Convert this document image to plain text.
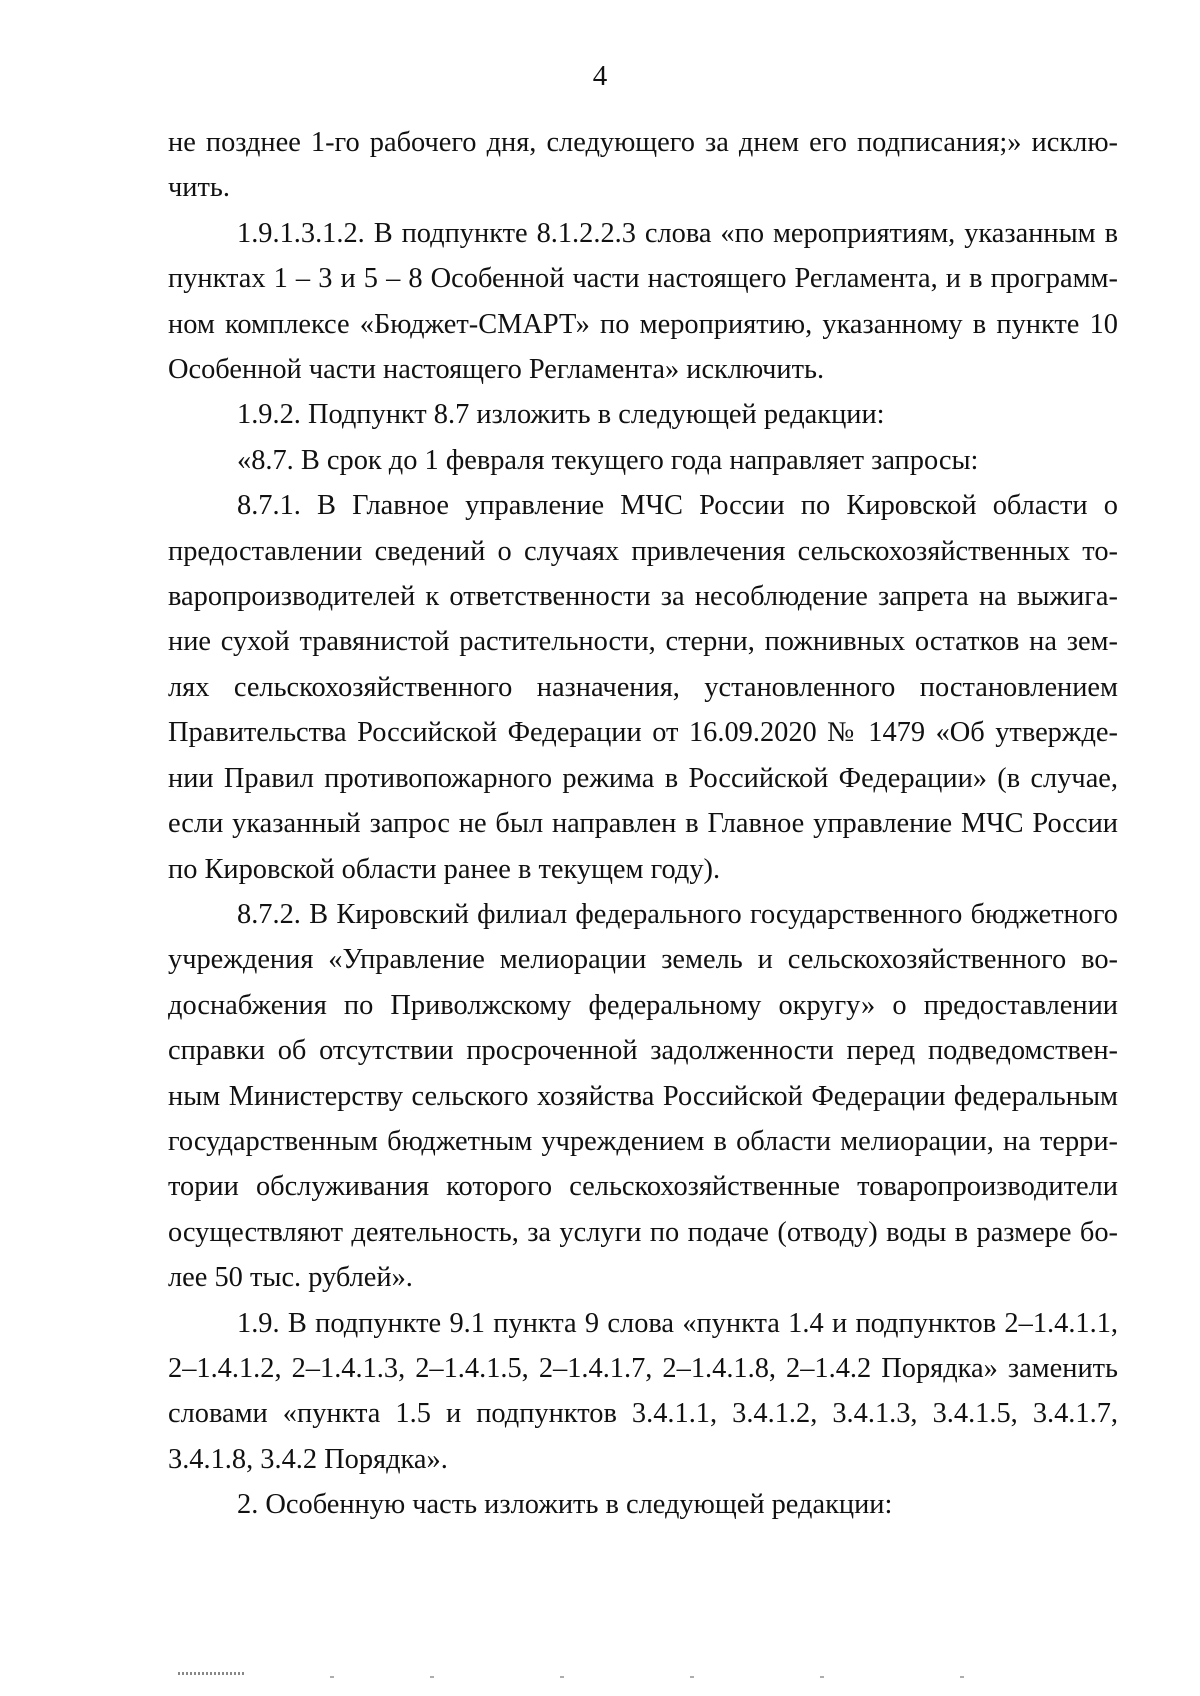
4

не позднее 1-го рабочего дня, следующего за днем его подписания;» исключить.

1.9.1.3.1.2. В подпункте 8.1.2.2.3 слова «по мероприятиям, указанным в пунктах 1 – 3 и 5 – 8 Особенной части настоящего Регламента, и в программном комплексе «Бюджет-СМАРТ» по мероприятию, указанному в пункте 10 Особенной части настоящего Регламента» исключить.

1.9.2. Подпункт 8.7 изложить в следующей редакции:

«8.7. В срок до 1 февраля текущего года направляет запросы:

8.7.1. В Главное управление МЧС России по Кировской области о предоставлении сведений о случаях привлечения сельскохозяйственных товаропроизводителей к ответственности за несоблюдение запрета на выжигание сухой травянистой растительности, стерни, пожнивных остатков на землях сельскохозяйственного назначения, установленного постановлением Правительства Российской Федерации от 16.09.2020 № 1479 «Об утверждении Правил противопожарного режима в Российской Федерации» (в случае, если указанный запрос не был направлен в Главное управление МЧС России по Кировской области ранее в текущем году).

8.7.2. В Кировский филиал федерального государственного бюджетного учреждения «Управление мелиорации земель и сельскохозяйственного водоснабжения по Приволжскому федеральному округу» о предоставлении справки об отсутствии просроченной задолженности перед подведомственным Министерству сельского хозяйства Российской Федерации федеральным государственным бюджетным учреждением в области мелиорации, на территории обслуживания которого сельскохозяйственные товаропроизводители осуществляют деятельность, за услуги по подаче (отводу) воды в размере более 50 тыс. рублей».

1.9. В подпункте 9.1 пункта 9 слова «пункта 1.4 и подпунктов 2–1.4.1.1, 2–1.4.1.2, 2–1.4.1.3, 2–1.4.1.5, 2–1.4.1.7, 2–1.4.1.8, 2–1.4.2 Порядка» заменить словами «пункта 1.5 и подпунктов 3.4.1.1, 3.4.1.2, 3.4.1.3, 3.4.1.5, 3.4.1.7, 3.4.1.8, 3.4.2 Порядка».

2. Особенную часть изложить в следующей редакции:
